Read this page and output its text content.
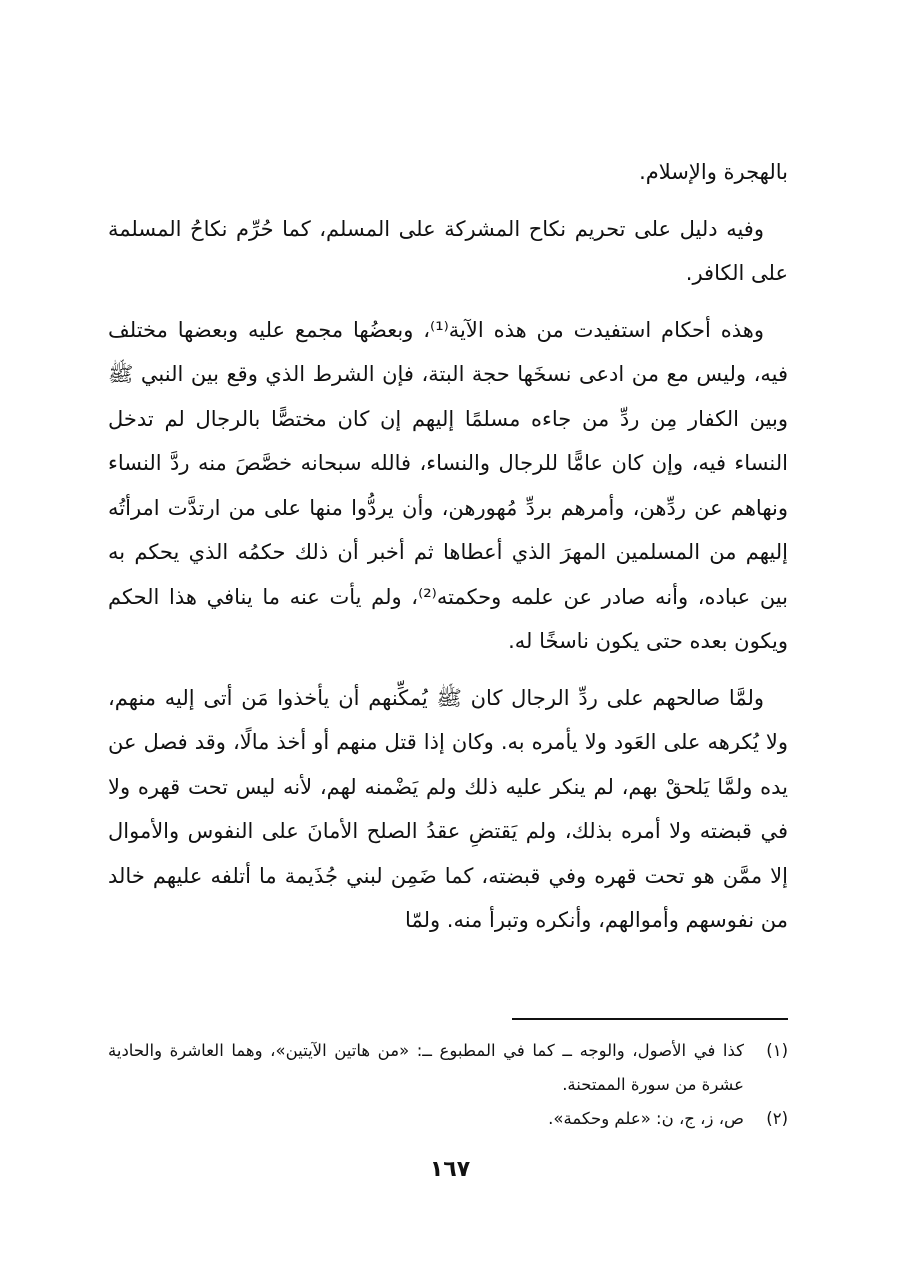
بالهجرة والإسلام.

وفيه دليل على تحريم نكاح المشركة على المسلم، كما حُرِّم نكاحُ المسلمة على الكافر.

وهذه أحكام استفيدت من هذه الآية⁽¹⁾، وبعضُها مجمع عليه وبعضها مختلف فيه، وليس مع من ادعى نسخَها حجة البتة، فإن الشرط الذي وقع بين النبي ﷺ وبين الكفار مِن ردِّ من جاءه مسلمًا إليهم إن كان مختصًّا بالرجال لم تدخل النساء فيه، وإن كان عامًّا للرجال والنساء، فالله سبحانه خصَّصَ منه ردَّ النساء ونهاهم عن ردِّهن، وأمرهم بردِّ مُهورهن، وأن يردُّوا منها على من ارتدَّت امرأتُه إليهم من المسلمين المهرَ الذي أعطاها ثم أخبر أن ذلك حكمُه الذي يحكم به بين عباده، وأنه صادر عن علمه وحكمته⁽²⁾، ولم يأت عنه ما ينافي هذا الحكم ويكون بعده حتى يكون ناسخًا له.

ولمَّا صالحهم على ردِّ الرجال كان ﷺ يُمكِّنهم أن يأخذوا مَن أتى إليه منهم، ولا يُكرهه على العَود ولا يأمره به. وكان إذا قتل منهم أو أخذ مالًا، وقد فصل عن يده ولمَّا يَلحقْ بهم، لم ينكر عليه ذلك ولم يَضْمنه لهم، لأنه ليس تحت قهره ولا في قبضته ولا أمره بذلك، ولم يَقتضِ عقدُ الصلح الأمانَ على النفوس والأموال إلا ممَّن هو تحت قهره وفي قبضته، كما ضَمِن لبني جُذَيمة ما أتلفه عليهم خالد من نفوسهم وأموالهم، وأنكره وتبرأ منه. ولمّا

(١)
كذا في الأصول، والوجه ــ كما في المطبوع ــ: «من هاتين الآيتين»، وهما العاشرة والحادية عشرة من سورة الممتحنة.
(٢)
ص، ز، ج، ن: «علم وحكمة».
١٦٧
